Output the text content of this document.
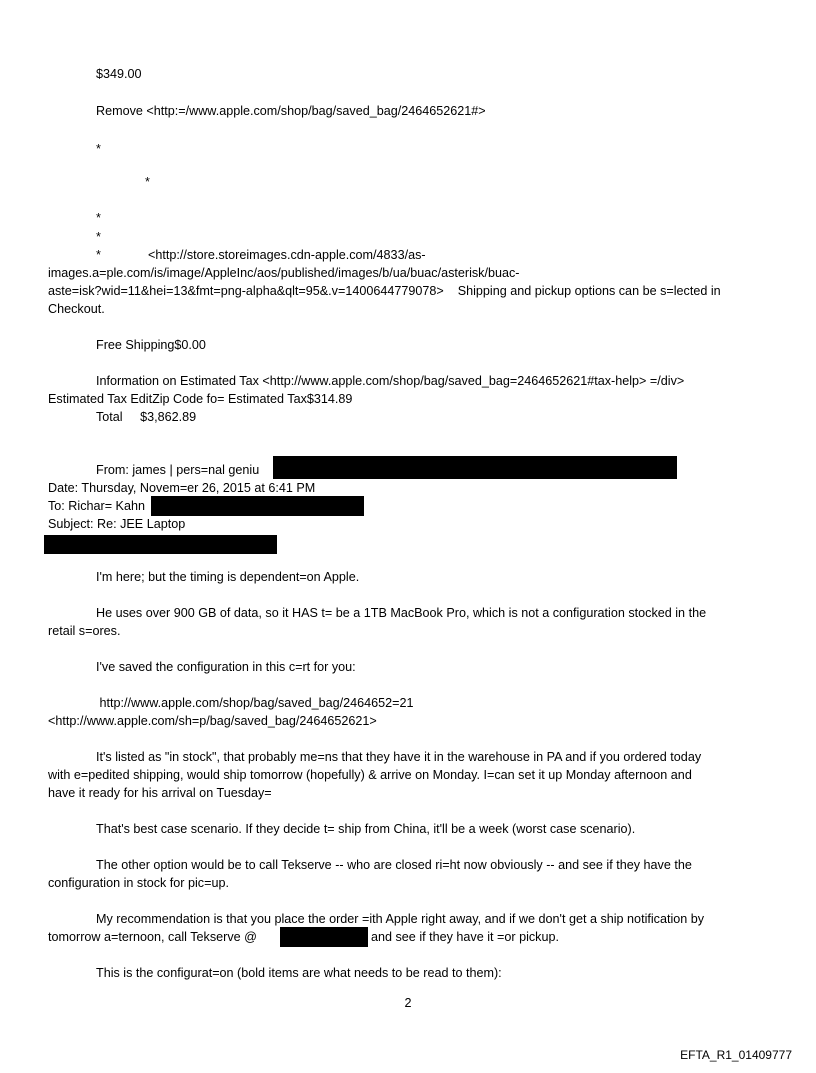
$349.00
Remove <http:=/www.apple.com/shop/bag/saved_bag/2464652621#>
*
*
*
*
*	<http://store.storeimages.cdn-apple.com/4833/as-
images.a=ple.com/is/image/AppleInc/aos/published/images/b/ua/buac/asterisk/buac-
aste=isk?wid=11&hei=13&fmt=png-alpha&qlt=95&.v=1400644779078>    Shipping and pickup options can be s=lected in
Checkout.
Free Shipping$0.00
Information on Estimated Tax <http://www.apple.com/shop/bag/saved_bag=2464652621#tax-help> =/div>
Estimated Tax EditZip Code fo= Estimated Tax$314.89
Total     $3,862.89
From: james | pers=nal geniu
Date: Thursday, Novem=er 26, 2015 at 6:41 PM
To: Richar= Kahn
Subject: Re: JEE Laptop
I'm here; but the timing is dependent=on Apple.
He uses over 900 GB of data, so it HAS t= be a 1TB MacBook Pro, which is not a configuration stocked in the
retail s=ores.
I've saved the configuration in this c=rt for you:
http://www.apple.com/shop/bag/saved_bag/2464652=21
<http://www.apple.com/sh=p/bag/saved_bag/2464652621>
It's listed as "in stock", that probably me=ns that they have it in the warehouse in PA and if you ordered today
with e=pedited shipping, would ship tomorrow (hopefully) & arrive on Monday. I=can set it up Monday afternoon and
have it ready for his arrival on Tuesday=
That's best case scenario. If they decide t= ship from China, it'll be a week (worst case scenario).
The other option would be to call Tekserve -- who are closed ri=ht now obviously -- and see if they have the
configuration in stock for pic=up.
My recommendation is that you place the order =ith Apple right away, and if we don't get a ship notification by
tomorrow a=ternoon, call Tekserve @	and see if they have it =or pickup.
This is the configurat=on (bold items are what needs to be read to them):
2
EFTA_R1_01409777
